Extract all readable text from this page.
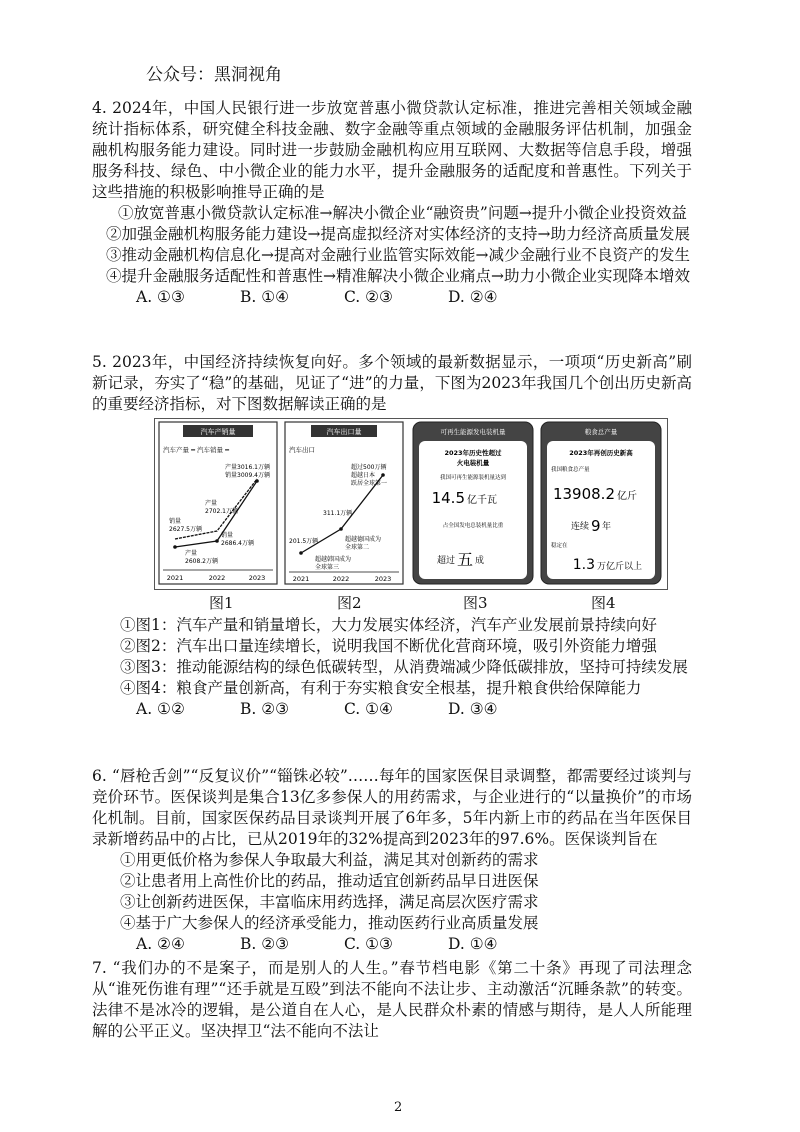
公众号：黑洞视角

4. 2024年，中国人民银行进一步放宽普惠小微贷款认定标准，推进完善相关领域金融统计指标体系，研究健全科技金融、数字金融等重点领域的金融服务评估机制，加强金融机构服务能力建设。同时进一步鼓励金融机构应用互联网、大数据等信息手段，增强服务科技、绿色、中小微企业的能力水平，提升金融服务的适配度和普惠性。下列关于这些措施的积极影响推导正确的是

①放宽普惠小微贷款认定标准→解决小微企业“融资贵”问题→提升小微企业投资效益

②加强金融机构服务能力建设→提高虚拟经济对实体经济的支持→助力经济高质量发展

③推动金融机构信息化→提高对金融行业监管实际效能→减少金融行业不良资产的发生

④提升金融服务适配性和普惠性→精准解决小微企业痛点→助力小微企业实现降本增效

A. ①③	B. ①④	C. ②③	D. ②④

5. 2023年，中国经济持续恢复向好。多个领域的最新数据显示，一项项“历史新高”刷新记录，夯实了“稳”的基础，见证了“进”的力量，下图为2023年我国几个创出历史新高的重要经济指标，对下图数据解读正确的是

汽车产销量
汽车产量 ━ 汽车销量 ━
产量3016.1万辆
销量3009.4万辆
产量
2702.1万辆
销量
2627.5万辆
销量
2686.4万辆
产量
2608.2万辆
2021	2022	2023
汽车出口量
汽车出口
超过500万辆
超越日本
跃居全球第一
311.1万辆
超越德国成为
全球第二
201.5万辆
超越韩国成为
全球第三
2021	2022	2023
可再生能源发电装机量
2023年历史性超过
火电装机量
我国可再生能源装机量达到
14.5 亿千瓦
占全国发电总装机量比重
超过 五 成
粮食总产量
2023年再创历史新高
我国粮食总产量
13908.2 亿斤
连续 9 年
稳定在
1.3 万亿斤以上
图1	图2	图3	图4

①图1：汽车产量和销量增长，大力发展实体经济，汽车产业发展前景持续向好

②图2：汽车出口量连续增长，说明我国不断优化营商环境，吸引外资能力增强

③图3：推动能源结构的绿色低碳转型，从消费端减少降低碳排放，坚持可持续发展

④图4：粮食产量创新高，有利于夯实粮食安全根基，提升粮食供给保障能力

A. ①②	B. ②③	C. ①④	D. ③④

6. “唇枪舌剑”“反复议价”“锱铢必较”……每年的国家医保目录调整，都需要经过谈判与竞价环节。医保谈判是集合13亿多参保人的用药需求，与企业进行的“以量换价”的市场化机制。目前，国家医保药品目录谈判开展了6年多，5年内新上市的药品在当年医保目录新增药品中的占比，已从2019年的32%提高到2023年的97.6%。医保谈判旨在

①用更低价格为参保人争取最大利益，满足其对创新药的需求

②让患者用上高性价比的药品，推动适宜创新药品早日进医保

③让创新药进医保，丰富临床用药选择，满足高层次医疗需求

④基于广大参保人的经济承受能力，推动医药行业高质量发展

A. ②④	B. ②③	C. ①③	D. ①④

7. “我们办的不是案子，而是别人的人生。”春节档电影《第二十条》再现了司法理念从“谁死伤谁有理”“还手就是互殴”到法不能向不法让步、主动激活“沉睡条款”的转变。法律不是冰冷的逻辑，是公道自在人心，是人民群众朴素的情感与期待，是人人所能理解的公平正义。坚决捍卫“法不能向不法让

2
